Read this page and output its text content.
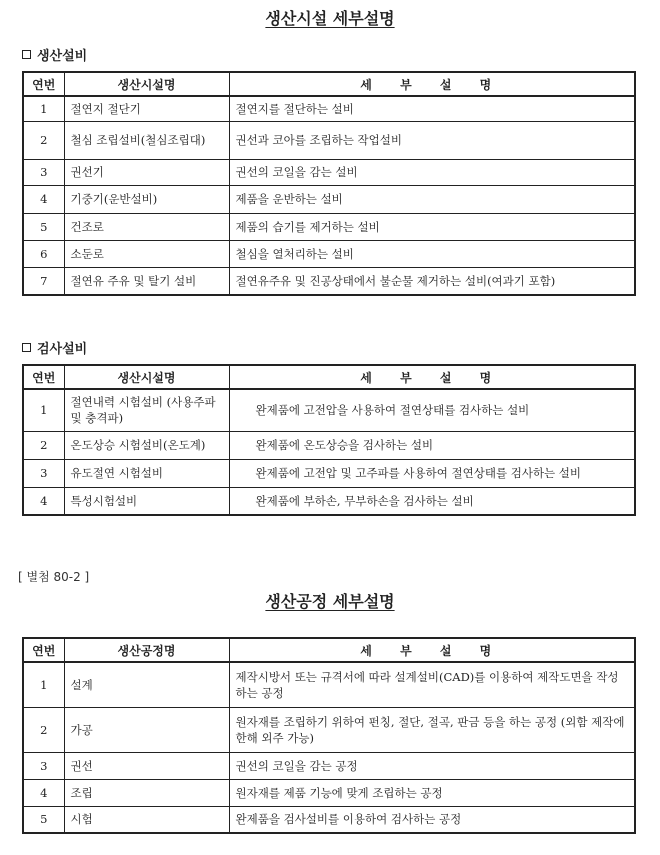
생산시설 세부설명
생산설비
연번	생산시설명	세 부 설 명
1	절연지 절단기	절연지를 절단하는 설비
2	철심 조립설비(철심조립대)	권선과 코아를 조립하는 작업설비
3	권선기	권선의 코일을 감는 설비
4	기중기(운반설비)	제품을 운반하는 설비
5	건조로	제품의 습기를 제거하는 설비
6	소둔로	철심을 열처리하는 설비
7	절연유 주유 및 탈기 설비	절연유주유 및 진공상태에서 불순물 제거하는 설비(여과기 포함)
검사설비
연번	생산시설명	세 부 설 명
1	절연내력 시험설비 (사용주파 및 충격파)	완제품에 고전압을 사용하여 절연상태를 검사하는 설비
2	온도상승 시험설비(온도계)	완제품에 온도상승을 검사하는 설비
3	유도절연 시험설비	완제품에 고전압 및 고주파를 사용하여 절연상태를 검사하는 설비
4	특성시험설비	완제품에 부하손, 무부하손을 검사하는 설비
[ 별첨 80-2 ]
생산공정 세부설명
연번	생산공정명	세 부 설 명
1	설계	제작시방서 또는 규격서에 따라 설계설비(CAD)를 이용하여 제작도면을 작성하는 공정
2	가공	원자재를 조립하기 위하여 펀칭, 절단, 절곡, 판금 등을 하는 공정 (외함 제작에 한해 외주 가능)
3	권선	권선의 코일을 감는 공정
4	조립	원자재를 제품 기능에 맞게 조립하는 공정
5	시험	완제품을 검사설비를 이용하여 검사하는 공정
